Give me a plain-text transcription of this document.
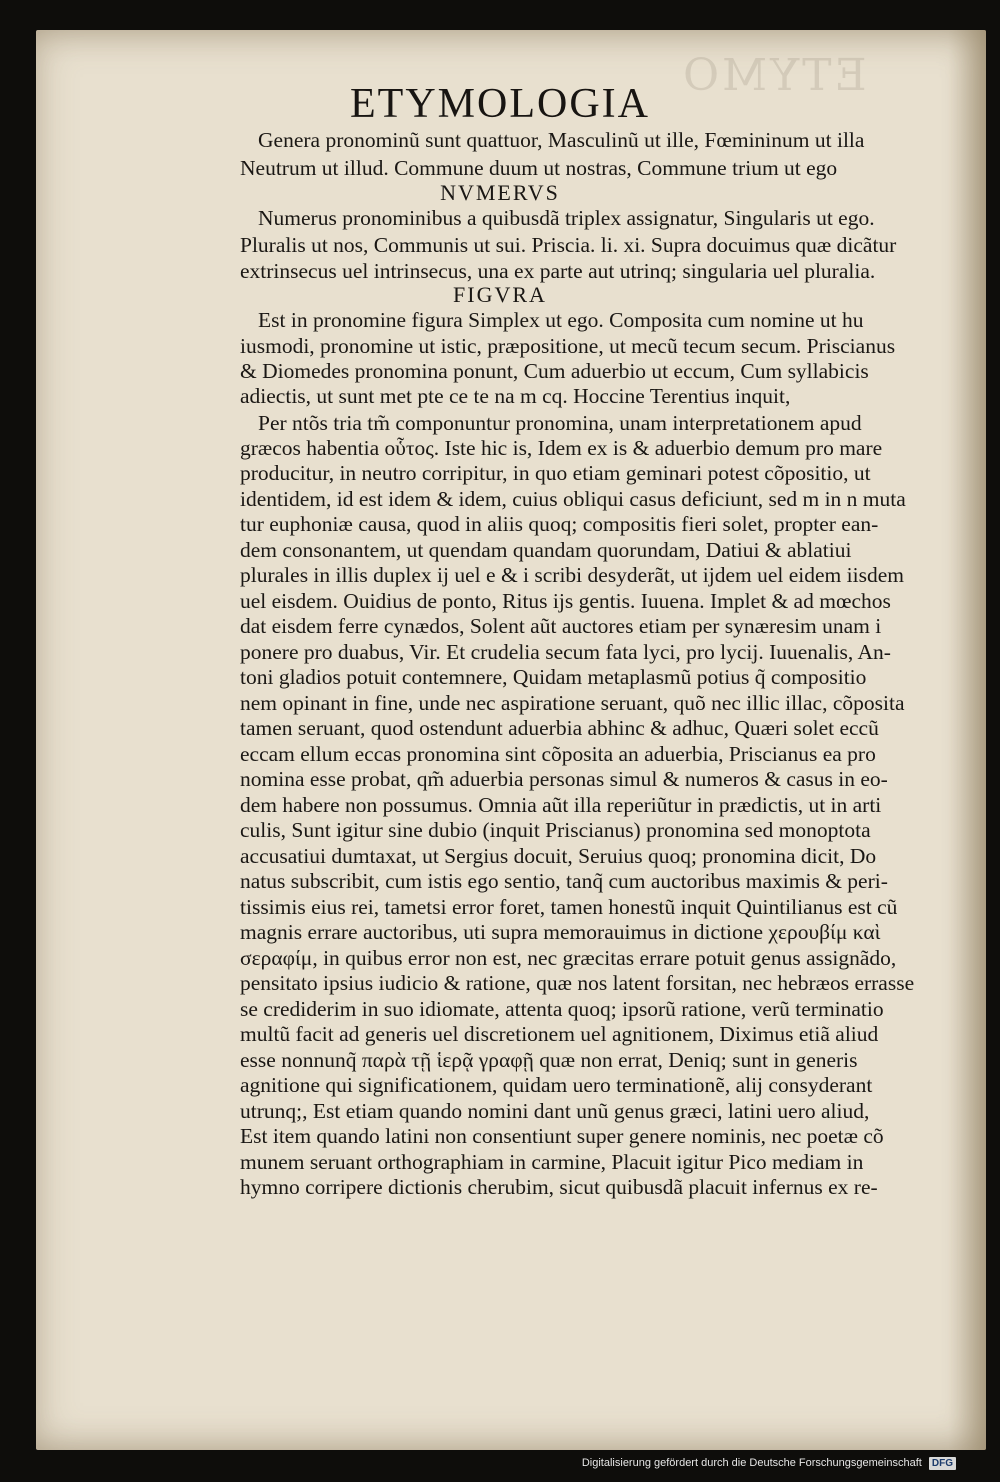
ETYMO
ETYMOLOGIA
Genera pronominũ sunt quattuor, Masculinũ ut ille, Fœmininum ut illa
Neutrum ut illud. Commune duum ut nostras, Commune trium ut ego
NVMERVS
Numerus pronominibus a quibusdã triplex assignatur, Singularis ut ego.
Pluralis ut nos, Communis ut sui. Priscia. li. xi. Supra docuimus quæ dicãtur
extrinsecus uel intrinsecus, una ex parte aut utrinq; singularia uel pluralia.
FIGVRA
Est in pronomine figura Simplex ut ego. Composita cum nomine ut hu
iusmodi, pronomine ut istic, præpositione, ut mecũ tecum secum. Priscianus
& Diomedes pronomina ponunt, Cum aduerbio ut eccum, Cum syllabicis
adiectis, ut sunt met pte ce te na m cq. Hoccine Terentius inquit,
Per ntõs tria tm̃ componuntur pronomina, unam interpretationem apud
græcos habentia οὗτος. Iste hic is, Idem ex is & aduerbio demum pro mare
producitur, in neutro corripitur, in quo etiam geminari potest cõpositio, ut
identidem, id est idem & idem, cuius obliqui casus deficiunt, sed m in n muta
tur euphoniæ causa, quod in aliis quoq; compositis fieri solet, propter ean-
dem consonantem, ut quendam quandam quorundam, Datiui & ablatiui
plurales in illis duplex ij uel e & i scribi desyderãt, ut ijdem uel eidem iisdem
uel eisdem. Ouidius de ponto, Ritus ijs gentis. Iuuena. Implet & ad mœchos
dat eisdem ferre cynædos, Solent aũt auctores etiam per synæresim unam i
ponere pro duabus, Vir. Et crudelia secum fata lyci, pro lycij. Iuuenalis, An-
toni gladios potuit contemnere, Quidam metaplasmũ potius q̃ compositio
nem opinant in fine, unde nec aspiratione seruant, quõ nec illic illac, cõposita
tamen seruant, quod ostendunt aduerbia abhinc & adhuc, Quæri solet eccũ
eccam ellum eccas pronomina sint cõposita an aduerbia, Priscianus ea pro
nomina esse probat, qm̃ aduerbia personas simul & numeros & casus in eo-
dem habere non possumus. Omnia aũt illa reperiũtur in prædictis, ut in arti
culis, Sunt igitur sine dubio (inquit Priscianus) pronomina sed monoptota
accusatiui dumtaxat, ut Sergius docuit, Seruius quoq; pronomina dicit, Do
natus subscribit, cum istis ego sentio, tanq̃ cum auctoribus maximis & peri-
tissimis eius rei, tametsi error foret, tamen honestũ inquit Quintilianus est cũ
magnis errare auctoribus, uti supra memorauimus in dictione χερουβίμ καὶ
σεραφίμ, in quibus error non est, nec græcitas errare potuit genus assignãdo,
pensitato ipsius iudicio & ratione, quæ nos latent forsitan, nec hebræos errasse
se crediderim in suo idiomate, attenta quoq; ipsorũ ratione, verũ terminatio
multũ facit ad generis uel discretionem uel agnitionem, Diximus etiã aliud
esse nonnunq̃ παρὰ τῇ ἱερᾷ γραφῇ quæ non errat, Deniq; sunt in generis
agnitione qui significationem, quidam uero terminationẽ, alij consyderant
utrunq;, Est etiam quando nomini dant unũ genus græci, latini uero aliud,
Est item quando latini non consentiunt super genere nominis, nec poetæ cõ
munem seruant orthographiam in carmine, Placuit igitur Pico mediam in
hymno corripere dictionis cherubim, sicut quibusdã placuit infernus ex re-
Digitalisierung gefördert durch die Deutsche Forschungsgemeinschaft DFG
